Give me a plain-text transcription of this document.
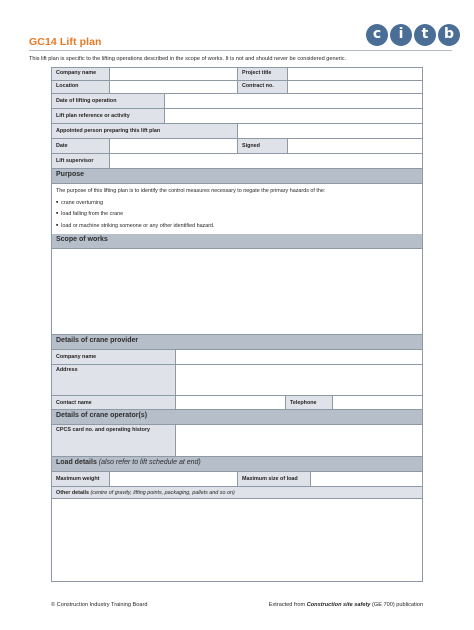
GC14 Lift plan	c	i	t	b
This lift plan is specific to the lifting operations described in the scope of works. It is not and should never be considered generic.
Company name	Project title
Location	Contract no.
Date of lifting operation
Lift plan reference or activity
Appointed person preparing this lift plan
Date	Signed
Lift supervisor
Purpose
The purpose of this lifting plan is to identify the control measures necessary to negate the primary hazards of the:
■ crane overturning
■ load falling from the crane
■ load or machine striking someone or any other identified hazard.
Scope of works
Details of crane provider
Company name
Address
Contact name	Telephone
Details of crane operator(s)
CPCS card no. and operating history
Load details (also refer to lift schedule at end)
Maximum weight	Maximum size of load
Other details (centre of gravity, lifting points, packaging, pallets and so on)
© Construction Industry Training Board	Extracted from Construction site safety (GE 700) publication
